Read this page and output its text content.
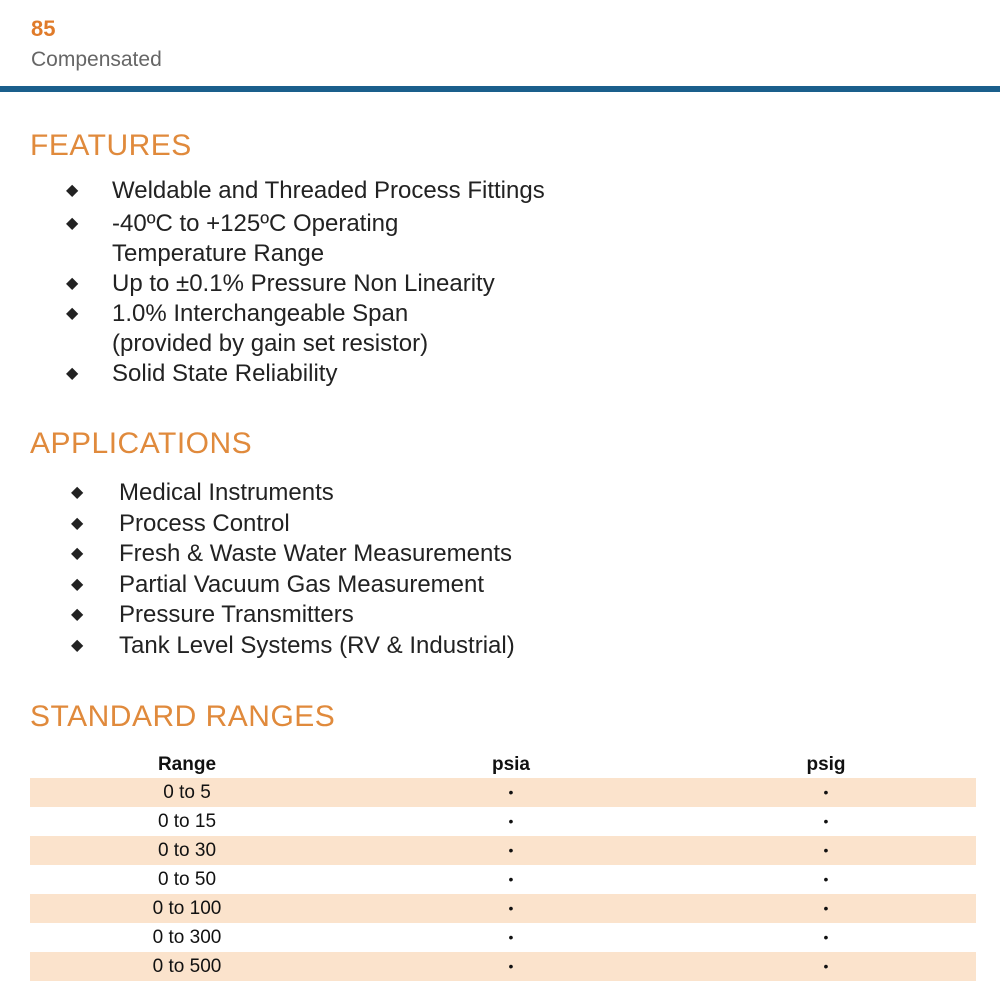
85
Compensated
FEATURES
◆ Weldable and Threaded Process Fittings
◆ -40ºC to +125ºC Operating
Temperature Range
◆ Up to ±0.1% Pressure Non Linearity
◆ 1.0% Interchangeable Span
(provided by gain set resistor)
◆ Solid State Reliability
APPLICATIONS
◆ Medical Instruments
◆ Process Control
◆ Fresh & Waste Water Measurements
◆ Partial Vacuum Gas Measurement
◆ Pressure Transmitters
◆ Tank Level Systems (RV & Industrial)
STANDARD RANGES
Range	psia	psig
0 to 5	•	•
0 to 15	•	•
0 to 30	•	•
0 to 50	•	•
0 to 100	•	•
0 to 300	•	•
0 to 500	•	•
